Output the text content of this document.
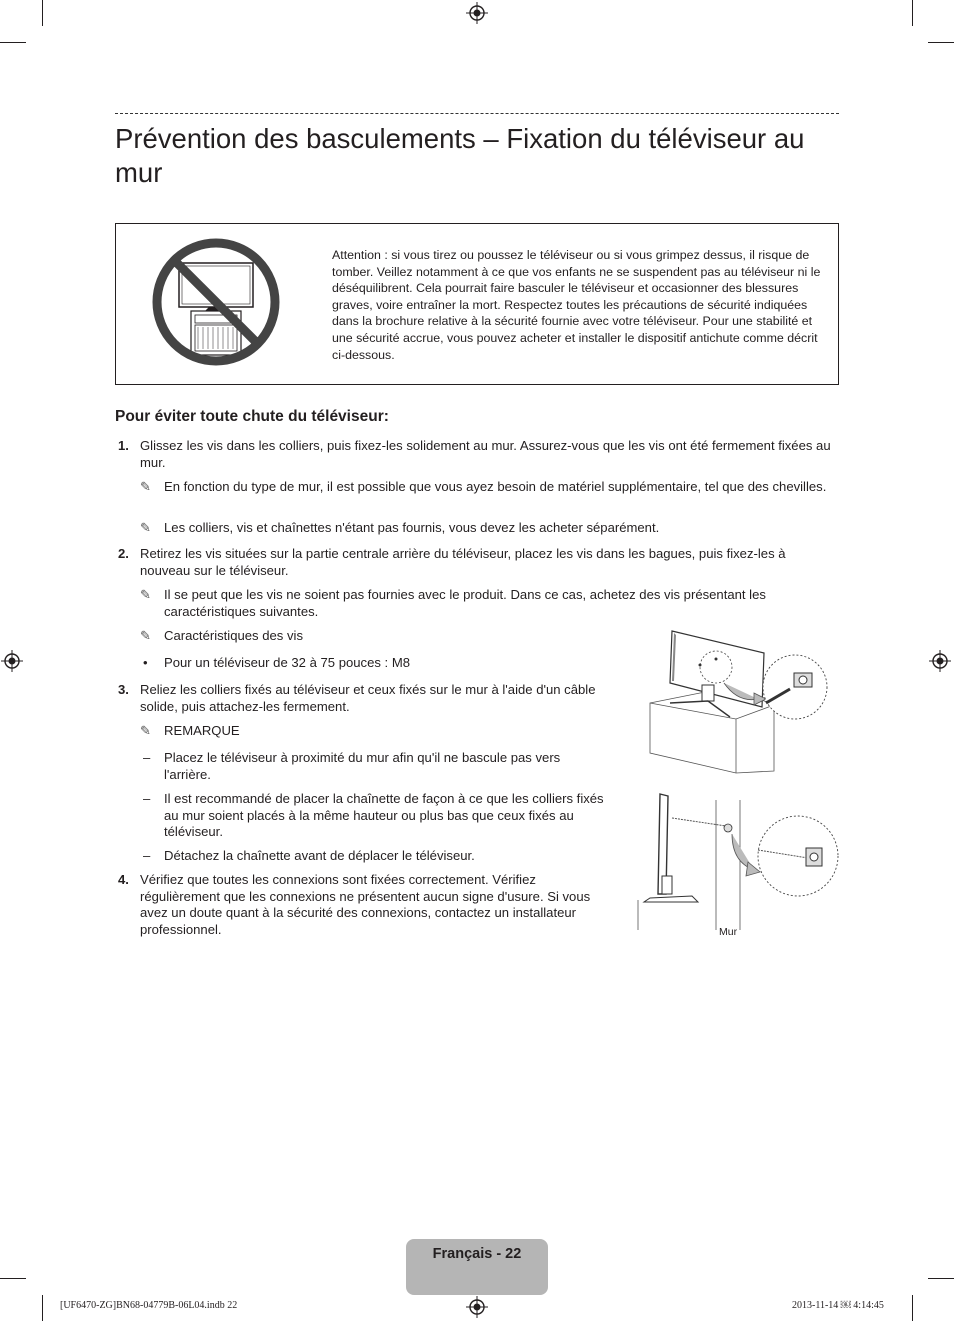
Prévention des basculements – Fixation du téléviseur au mur
Attention : si vous tirez ou poussez le téléviseur ou si vous grimpez dessus, il risque de tomber. Veillez notamment à ce que vos enfants ne se suspendent pas au téléviseur ni le déséquilibrent. Cela pourrait faire basculer le téléviseur et occasionner des blessures graves, voire entraîner la mort. Respectez toutes les précautions de sécurité indiquées dans la brochure relative à la sécurité fournie avec votre téléviseur. Pour une stabilité et une sécurité accrue, vous pouvez acheter et installer le dispositif antichute comme décrit ci-dessous.
Pour éviter toute chute du téléviseur:
1. Glissez les vis dans les colliers, puis fixez-les solidement au mur. Assurez-vous que les vis ont été fermement fixées au mur.
✎ En fonction du type de mur, il est possible que vous ayez besoin de matériel supplémentaire, tel que des chevilles.
✎ Les colliers, vis et chaînettes n'étant pas fournis, vous devez les acheter séparément.
2. Retirez les vis situées sur la partie centrale arrière du téléviseur, placez les vis dans les bagues, puis fixez-les à nouveau sur le téléviseur.
✎ Il se peut que les vis ne soient pas fournies avec le produit. Dans ce cas, achetez des vis présentant les caractéristiques suivantes.
✎ Caractéristiques des vis
• Pour un téléviseur de 32 à 75 pouces : M8
3. Reliez les colliers fixés au téléviseur et ceux fixés sur le mur à l'aide d'un câble solide, puis attachez-les fermement.
✎ REMARQUE
– Placez le téléviseur à proximité du mur afin qu'il ne bascule pas vers l'arrière.
– Il est recommandé de placer la chaînette de façon à ce que les colliers fixés au mur soient placés à la même hauteur ou plus bas que ceux fixés au téléviseur.
– Détachez la chaînette avant de déplacer le téléviseur.
4. Vérifiez que toutes les connexions sont fixées correctement. Vérifiez régulièrement que les connexions ne présentent aucun signe d'usure. Si vous avez un doute quant à la sécurité des connexions, contactez un installateur professionnel.	Mur
Français - 22
[UF6470-ZG]BN68-04779B-06L04.indb 22	2013-11-14 ￼ 4:14:45
